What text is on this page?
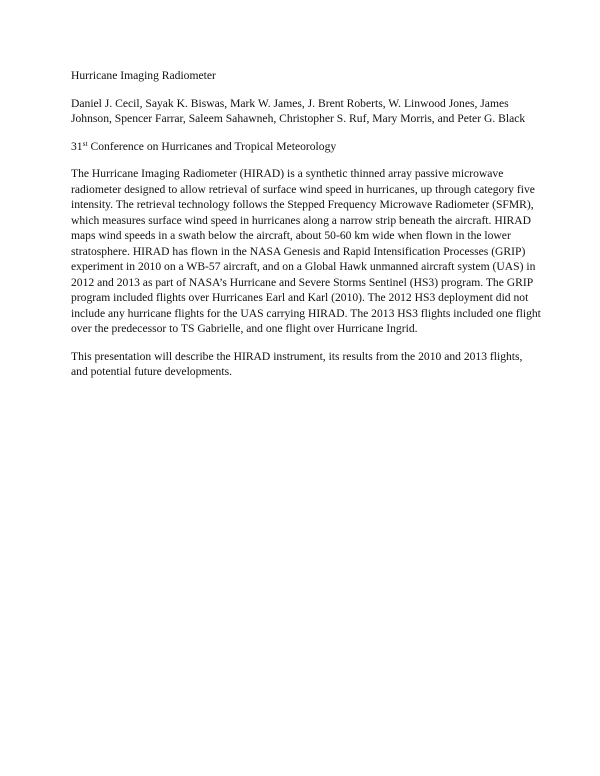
Hurricane Imaging Radiometer

Daniel J. Cecil, Sayak K. Biswas, Mark W. James, J. Brent Roberts, W. Linwood Jones, James Johnson, Spencer Farrar, Saleem Sahawneh, Christopher S. Ruf, Mary Morris, and Peter G. Black

31st Conference on Hurricanes and Tropical Meteorology

The Hurricane Imaging Radiometer (HIRAD) is a synthetic thinned array passive microwave radiometer designed to allow retrieval of surface wind speed in hurricanes, up through category five intensity. The retrieval technology follows the Stepped Frequency Microwave Radiometer (SFMR), which measures surface wind speed in hurricanes along a narrow strip beneath the aircraft. HIRAD maps wind speeds in a swath below the aircraft, about 50-60 km wide when flown in the lower stratosphere. HIRAD has flown in the NASA Genesis and Rapid Intensification Processes (GRIP) experiment in 2010 on a WB-57 aircraft, and on a Global Hawk unmanned aircraft system (UAS) in 2012 and 2013 as part of NASA’s Hurricane and Severe Storms Sentinel (HS3) program. The GRIP program included flights over Hurricanes Earl and Karl (2010). The 2012 HS3 deployment did not include any hurricane flights for the UAS carrying HIRAD. The 2013 HS3 flights included one flight over the predecessor to TS Gabrielle, and one flight over Hurricane Ingrid.

This presentation will describe the HIRAD instrument, its results from the 2010 and 2013 flights, and potential future developments.
